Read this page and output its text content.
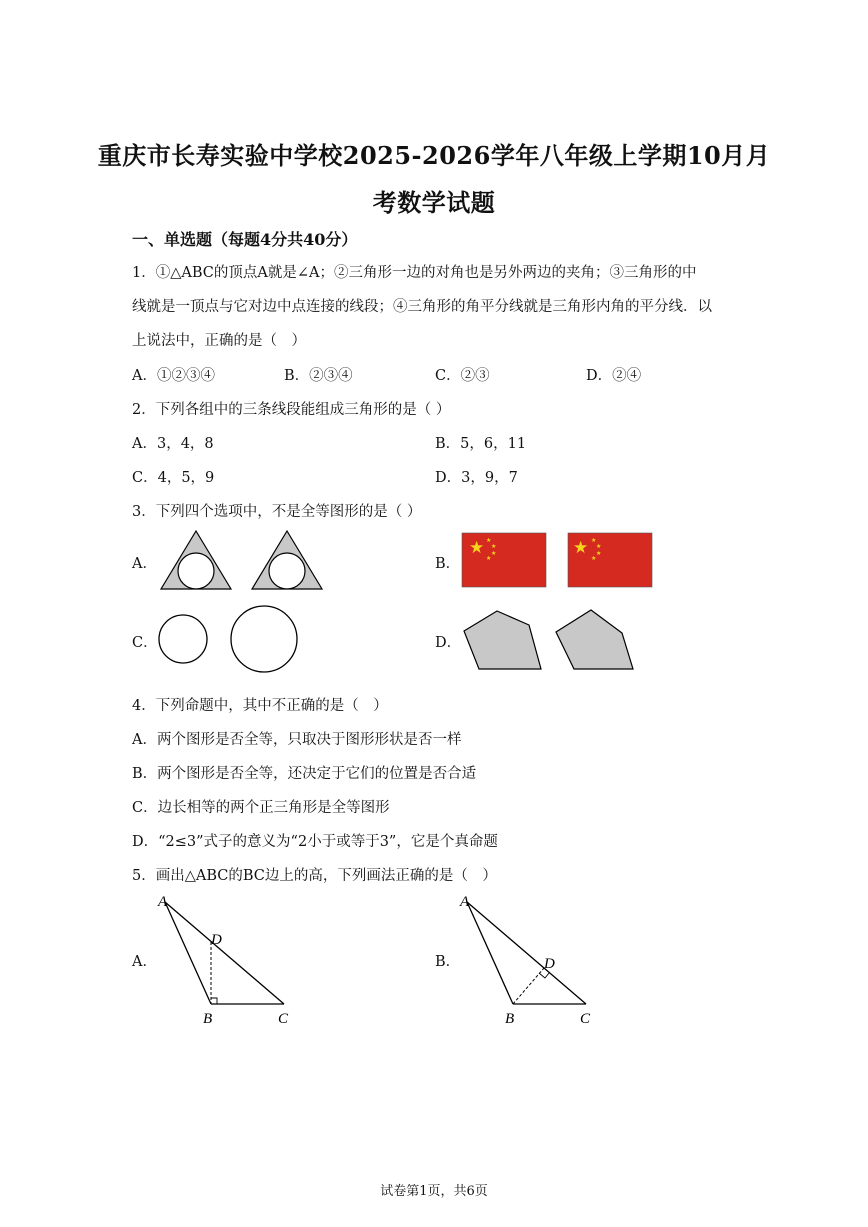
重庆市长寿实验中学校2025-2026学年八年级上学期10月月
考数学试题
一、单选题（每题4分共40分）
1．①△ABC的顶点A就是∠A；②三角形一边的对角也是另外两边的夹角；③三角形的中
线就是一顶点与它对边中点连接的线段；④三角形的角平分线就是三角形内角的平分线．以
上说法中，正确的是（　）
A．①②③④	B．②③④	C．②③	D．②④
2．下列各组中的三条线段能组成三角形的是（ ）
A．3，4，8	B．5，6，11
C．4，5，9	D．3，9，7
3．下列四个选项中，不是全等图形的是（ ）
A．	B．
C．	D．
★ ★
★
★
★
★ ★
★
★
★
4．下列命题中，其中不正确的是（　）
A．两个图形是否全等，只取决于图形形状是否一样
B．两个图形是否全等，还决定于它们的位置是否合适
C．边长相等的两个正三角形是全等图形
D．“2≤3”式子的意义为“2小于或等于3”，它是个真命题
5．画出△ABC的BC边上的高，下列画法正确的是（　）
A．	B．
A
B	C
D
A
B	C
D
试卷第1页，共6页
